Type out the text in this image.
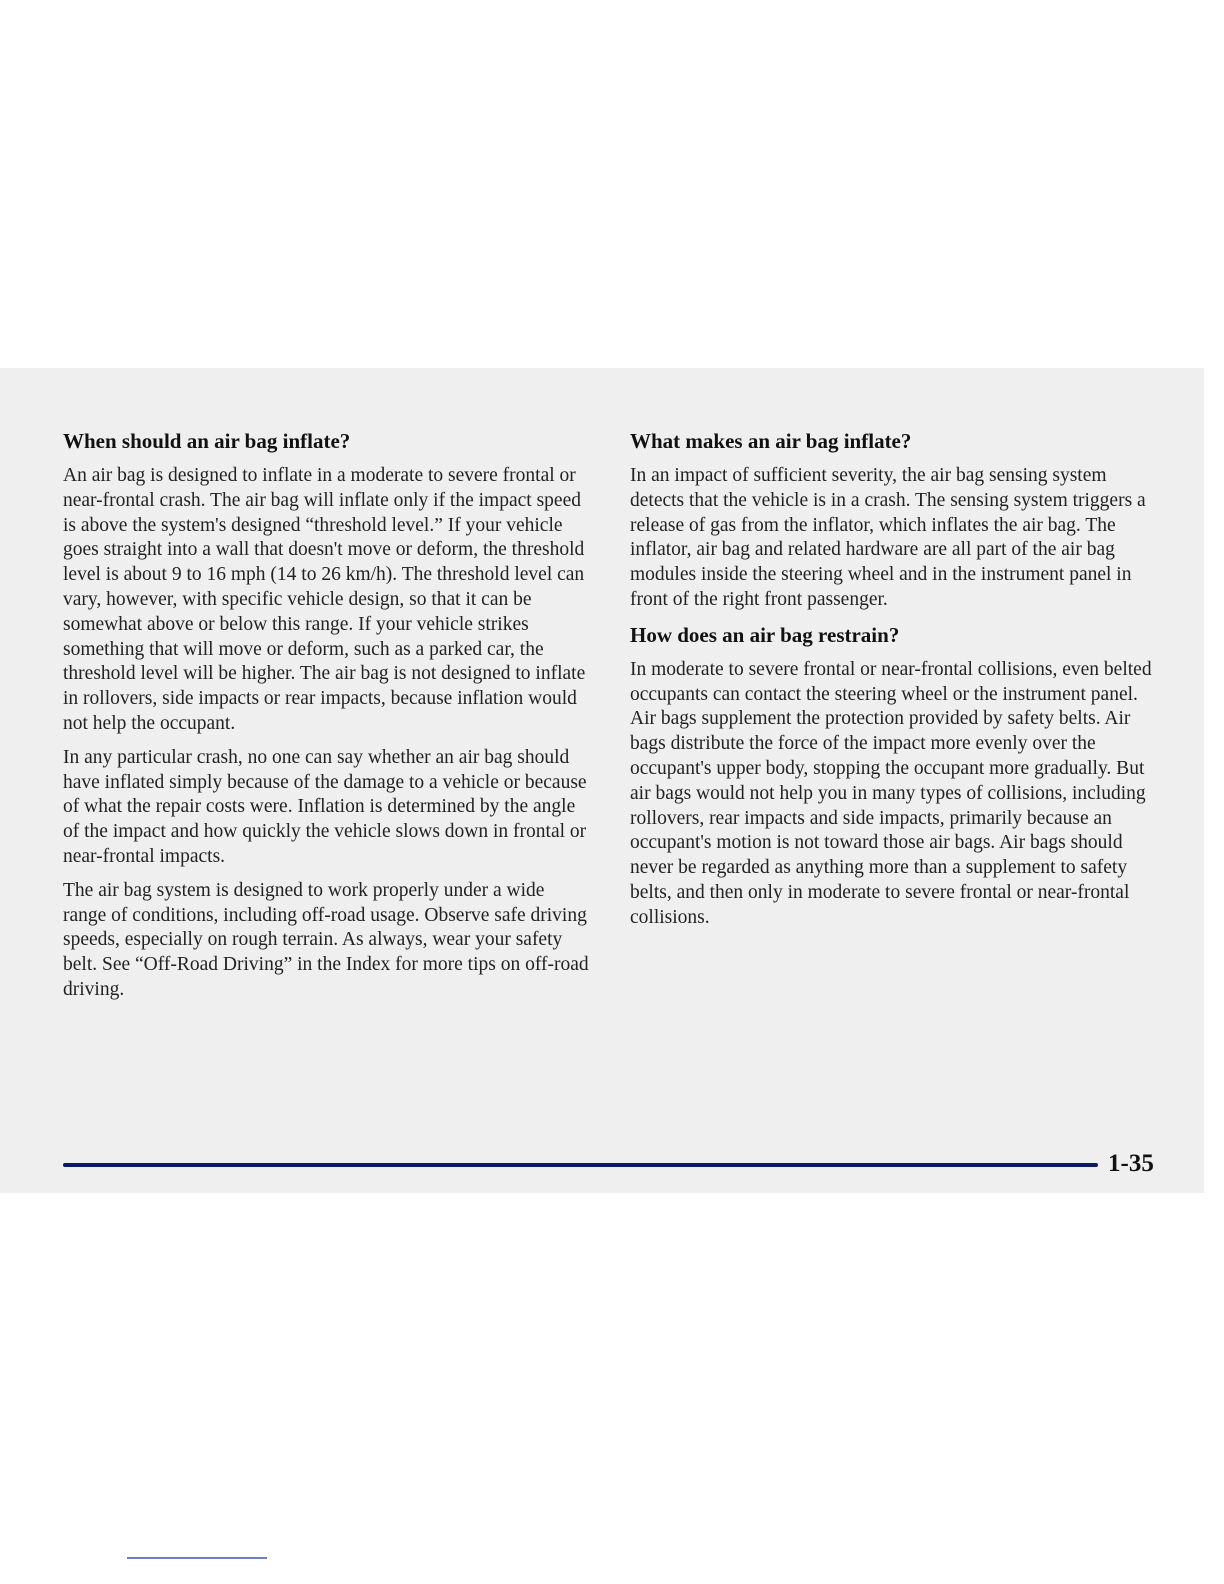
When should an air bag inflate?

An air bag is designed to inflate in a moderate to severe frontal or near-frontal crash. The air bag will inflate only if the impact speed is above the system's designed “threshold level.” If your vehicle goes straight into a wall that doesn't move or deform, the threshold level is about 9 to 16 mph (14 to 26 km/h). The threshold level can vary, however, with specific vehicle design, so that it can be somewhat above or below this range. If your vehicle strikes something that will move or deform, such as a parked car, the threshold level will be higher. The air bag is not designed to inflate in rollovers, side impacts or rear impacts, because inflation would not help the occupant.

In any particular crash, no one can say whether an air bag should have inflated simply because of the damage to a vehicle or because of what the repair costs were. Inflation is determined by the angle of the impact and how quickly the vehicle slows down in frontal or near-frontal impacts.

The air bag system is designed to work properly under a wide range of conditions, including off-road usage. Observe safe driving speeds, especially on rough terrain. As always, wear your safety belt. See “Off-Road Driving” in the Index for more tips on off-road driving.

What makes an air bag inflate?

In an impact of sufficient severity, the air bag sensing system detects that the vehicle is in a crash. The sensing system triggers a release of gas from the inflator, which inflates the air bag. The inflator, air bag and related hardware are all part of the air bag modules inside the steering wheel and in the instrument panel in front of the right front passenger.

How does an air bag restrain?

In moderate to severe frontal or near-frontal collisions, even belted occupants can contact the steering wheel or the instrument panel. Air bags supplement the protection provided by safety belts. Air bags distribute the force of the impact more evenly over the occupant's upper body, stopping the occupant more gradually. But air bags would not help you in many types of collisions, including rollovers, rear impacts and side impacts, primarily because an occupant's motion is not toward those air bags. Air bags should never be regarded as anything more than a supplement to safety belts, and then only in moderate to severe frontal or near-frontal collisions.

1-35
